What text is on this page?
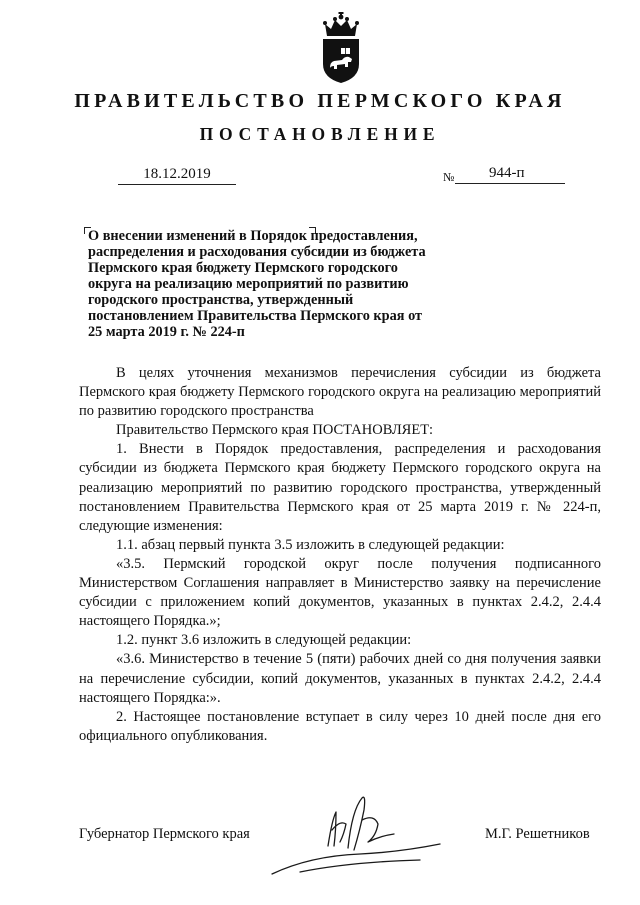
ПРАВИТЕЛЬСТВО ПЕРМСКОГО КРАЯ
ПОСТАНОВЛЕНИЕ
18.12.2019	№ 944-п
О внесении изменений в Порядок предоставления, распределения и расходования субсидии из бюджета Пермского края бюджету Пермского городского округа на реализацию мероприятий по развитию городского пространства, утвержденный постановлением Правительства Пермского края от 25 марта 2019 г. № 224-п

В целях уточнения механизмов перечисления субсидии из бюджета Пермского края бюджету Пермского городского округа на реализацию мероприятий по развитию городского пространства

Правительство Пермского края ПОСТАНОВЛЯЕТ:

1. Внести в Порядок предоставления, распределения и расходования субсидии из бюджета Пермского края бюджету Пермского городского округа на реализацию мероприятий по развитию городского пространства, утвержденный постановлением Правительства Пермского края от 25 марта 2019 г. № 224-п, следующие изменения:

1.1. абзац первый пункта 3.5 изложить в следующей редакции:

«3.5. Пермский городской округ после получения подписанного Министерством Соглашения направляет в Министерство заявку на перечисление субсидии с приложением копий документов, указанных в пунктах 2.4.2, 2.4.4 настоящего Порядка.»;

1.2. пункт 3.6 изложить в следующей редакции:

«3.6. Министерство в течение 5 (пяти) рабочих дней со дня получения заявки на перечисление субсидии, копий документов, указанных в пунктах 2.4.2, 2.4.4 настоящего Порядка:».

2. Настоящее постановление вступает в силу через 10 дней после дня его официального опубликования.

Губернатор Пермского края	М.Г. Решетников
